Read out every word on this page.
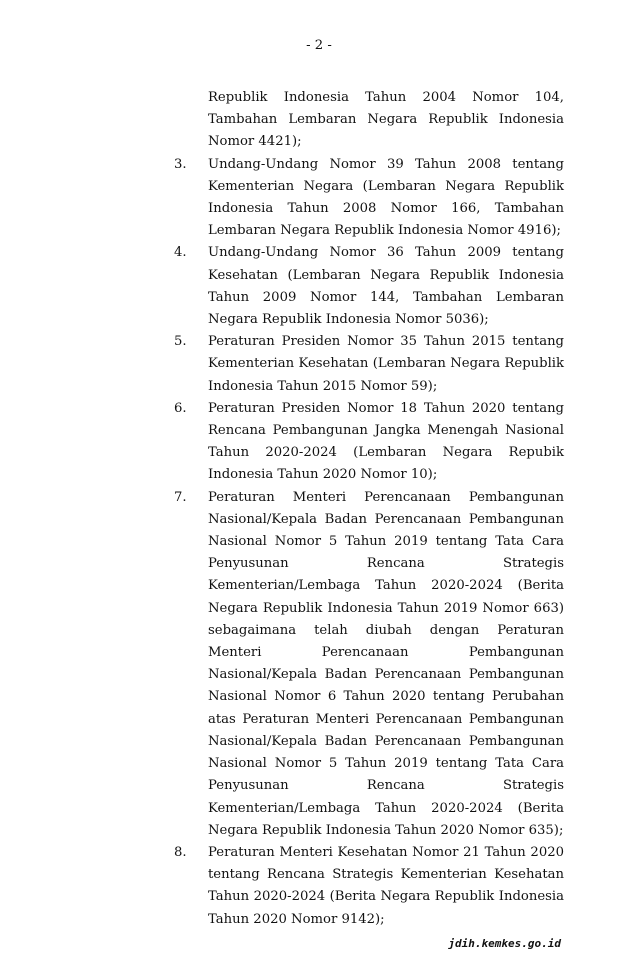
- 2 -
Republik Indonesia Tahun 2004 Nomor 104, Tambahan Lembaran Negara Republik Indonesia Nomor 4421);
3.	Undang-Undang Nomor 39 Tahun 2008 tentang Kementerian Negara (Lembaran Negara Republik Indonesia Tahun 2008 Nomor 166, Tambahan Lembaran Negara Republik Indonesia Nomor 4916);
4.	Undang-Undang Nomor 36 Tahun 2009 tentang Kesehatan (Lembaran Negara Republik Indonesia Tahun 2009 Nomor 144, Tambahan Lembaran Negara Republik Indonesia Nomor 5036);
5.	Peraturan Presiden Nomor 35 Tahun 2015 tentang Kementerian Kesehatan (Lembaran Negara Republik Indonesia Tahun 2015 Nomor 59);
6.	Peraturan Presiden Nomor 18 Tahun 2020 tentang Rencana Pembangunan Jangka Menengah Nasional Tahun 2020-2024 (Lembaran Negara Repubik Indonesia Tahun 2020 Nomor 10);
7.	Peraturan Menteri Perencanaan Pembangunan Nasional/Kepala Badan Perencanaan Pembangunan Nasional Nomor 5 Tahun 2019 tentang Tata Cara Penyusunan Rencana Strategis Kementerian/Lembaga Tahun 2020-2024 (Berita Negara Republik Indonesia Tahun 2019 Nomor 663) sebagaimana telah diubah dengan Peraturan Menteri Perencanaan Pembangunan Nasional/Kepala Badan Perencanaan Pembangunan Nasional Nomor 6 Tahun 2020 tentang Perubahan atas Peraturan Menteri Perencanaan Pembangunan Nasional/Kepala Badan Perencanaan Pembangunan Nasional Nomor 5 Tahun 2019 tentang Tata Cara Penyusunan Rencana Strategis Kementerian/Lembaga Tahun 2020-2024 (Berita Negara Republik Indonesia Tahun 2020 Nomor 635);
8.	Peraturan Menteri Kesehatan Nomor 21 Tahun 2020 tentang Rencana Strategis Kementerian Kesehatan Tahun 2020-2024 (Berita Negara Republik Indonesia Tahun 2020 Nomor 9142);
jdih.kemkes.go.id
